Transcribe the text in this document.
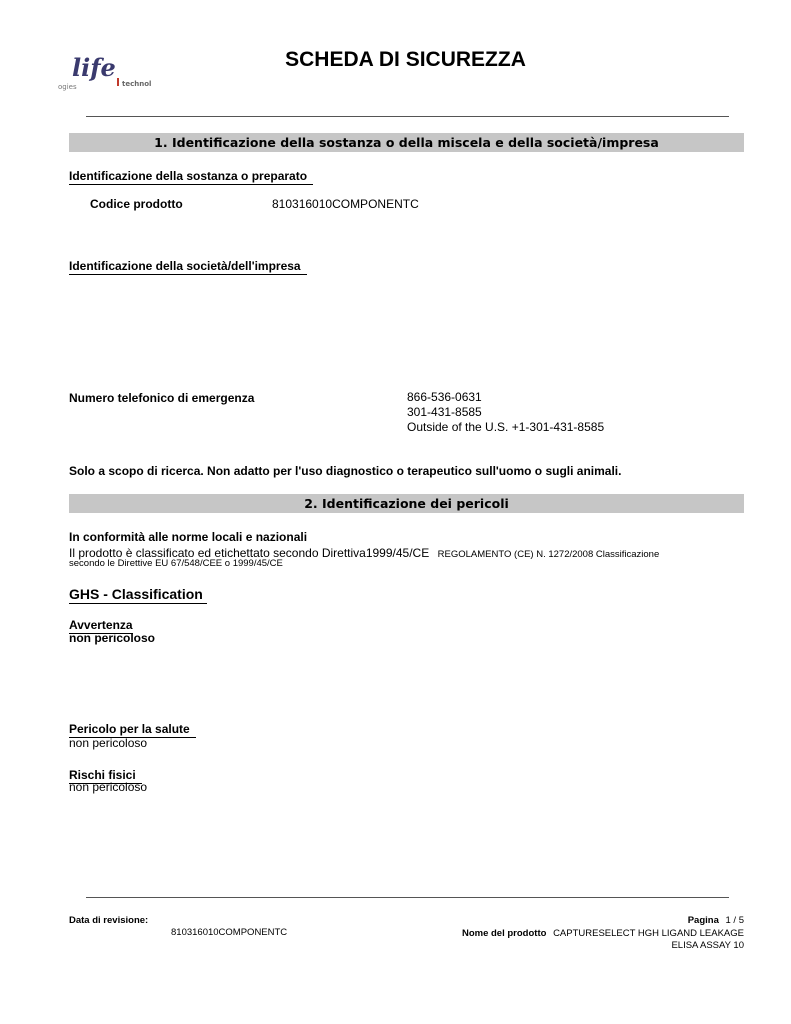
life
ogies	technol
SCHEDA DI SICUREZZA
1. Identificazione della sostanza o della miscela e della società/impresa
Identificazione della sostanza o preparato
Codice prodotto	810316010COMPONENTC
Identificazione della società/dell'impresa
Numero telefonico di emergenza	866-536-0631
301-431-8585
Outside of the U.S. +1-301-431-8585
Solo a scopo di ricerca. Non adatto per l'uso diagnostico o terapeutico sull'uomo o sugli animali.
2. Identificazione dei pericoli
In conformità alle norme locali e nazionali
Il prodotto è classificato ed etichettato secondo Direttiva1999/45/CE REGOLAMENTO (CE) N. 1272/2008 Classificazione
secondo le Direttive EU 67/548/CEE o 1999/45/CE
GHS - Classification
Avvertenza
non pericoloso
Pericolo per la salute
non pericoloso
Rischi fisici
non pericoloso
Data di revisione:
810316010COMPONENTC
Pagina 1 / 5
Nome del prodotto CAPTURESELECT HGH LIGAND LEAKAGE
ELISA ASSAY 10
